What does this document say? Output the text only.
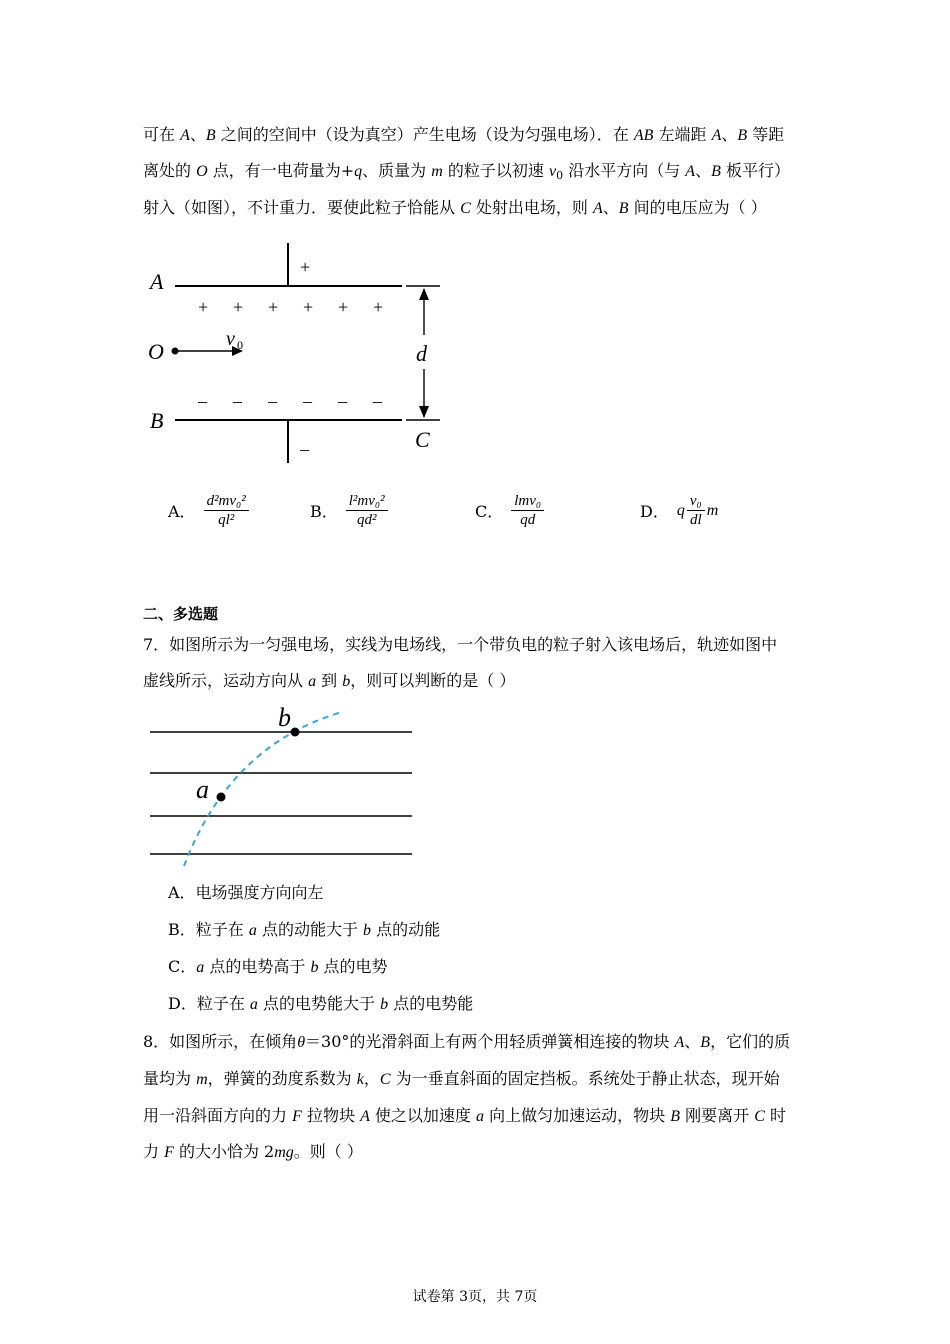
可在 A、B 之间的空间中（设为真空）产生电场（设为匀强电场）．在 AB 左端距 A、B 等距
离处的 O 点，有一电荷量为+q、质量为 m 的粒子以初速 $v_0$ 沿水平方向（与 A、B 板平行）
射入（如图），不计重力．要使此粒子恰能从 C 处射出电场，则 A、B 间的电压应为（ ）
+
A
+ + + + + +
–
B
– – – – – –
O	v 0	d
C
A． $\frac{\text{d²mv₀²}}{\text{ql²}}$	B． $\frac{\text{l²mv₀²}}{\text{qd²}}$	C． $\frac{\text{lmv₀}}{qd}$	D． q $\frac{\text{v₀}}{dl}$ m
二、多选题
7．如图所示为一匀强电场，实线为电场线，一个带负电的粒子射入该电场后，轨迹如图中
虚线所示，运动方向从 a 到 b，则可以判断的是（ ）
a
b
A．电场强度方向向左
B．粒子在 a 点的动能大于 b 点的动能
C．a 点的电势高于 b 点的电势
D．粒子在 a 点的电势能大于 b 点的电势能
8．如图所示，在倾角θ＝30°的光滑斜面上有两个用轻质弹簧相连接的物块 A、B，它们的质
量均为 m，弹簧的劲度系数为 k，C 为一垂直斜面的固定挡板。系统处于静止状态，现开始
用一沿斜面方向的力 F 拉物块 A 使之以加速度 a 向上做匀加速运动，物块 B 刚要离开 C 时
力 F 的大小恰为 2mg。则（ ）
试卷第 3页，共 7页
